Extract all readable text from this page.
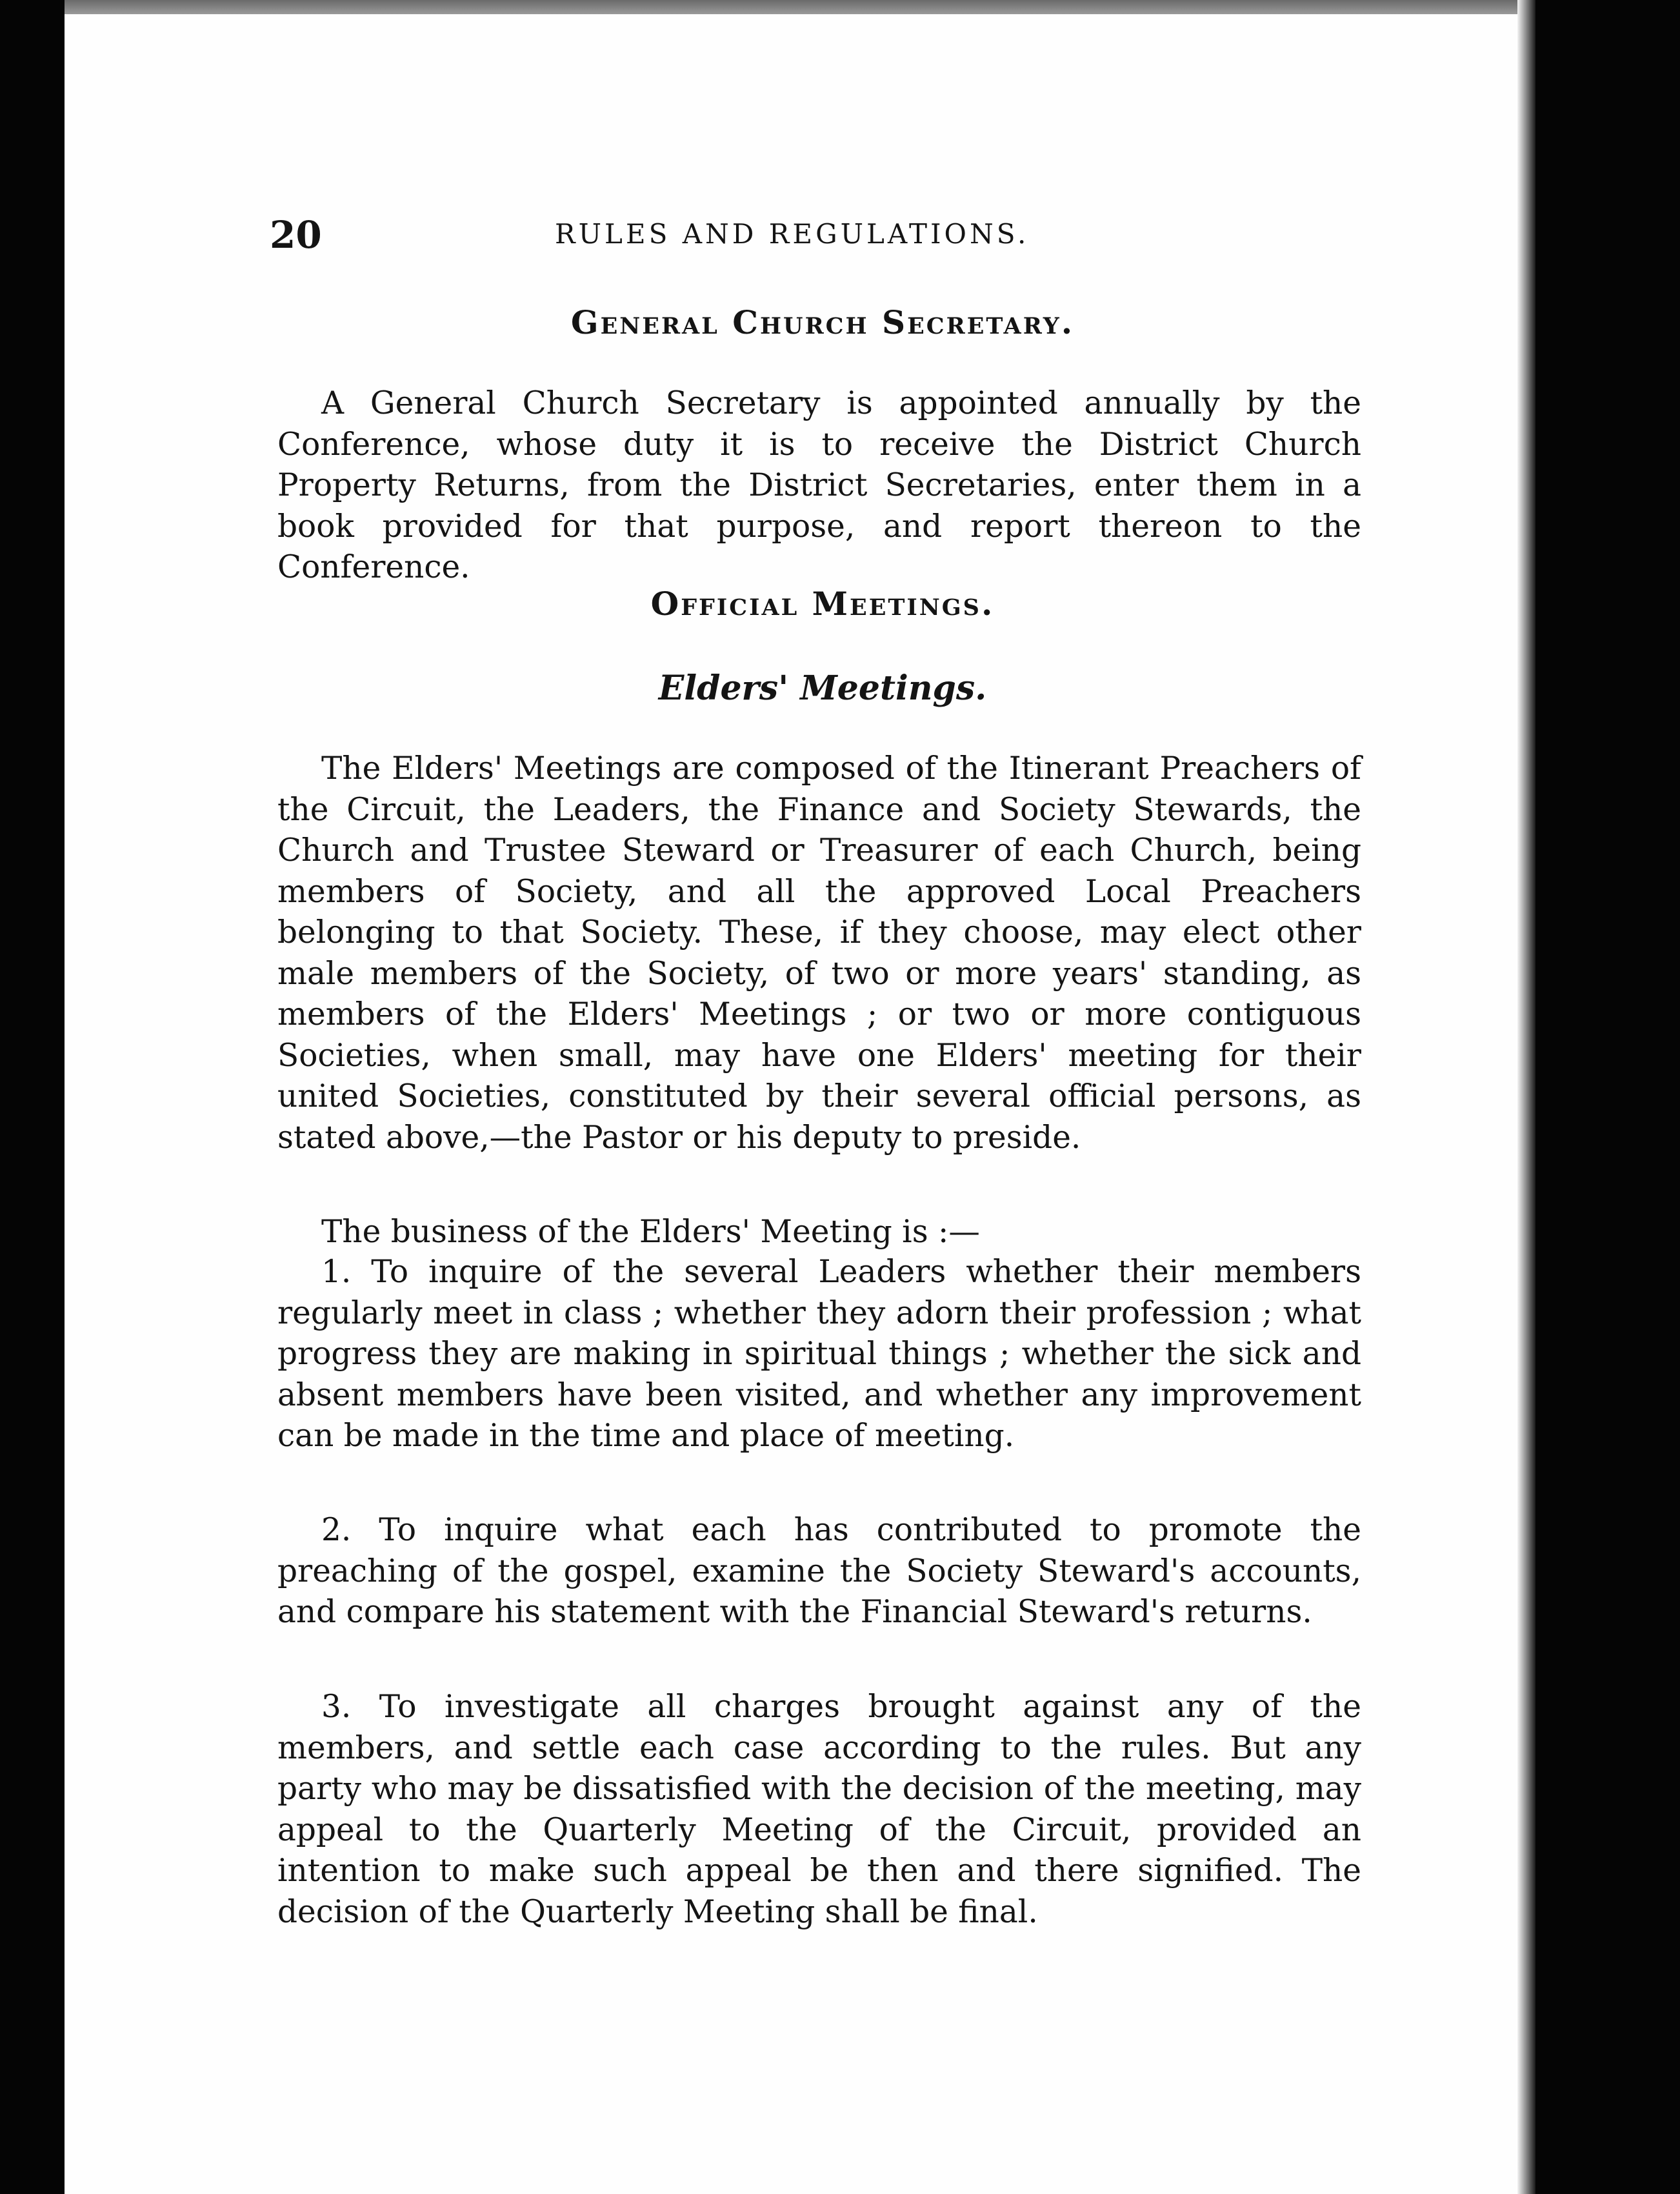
20	RULES AND REGULATIONS.
General Church Secretary.

A General Church Secretary is appointed annually by the Conference, whose duty it is to receive the District Church Property Returns, from the District Secretaries, enter them in a book provided for that purpose, and report thereon to the Conference.

Official Meetings.
Elders' Meetings.

The Elders' Meetings are composed of the Itinerant Preachers of the Circuit, the Leaders, the Finance and Society Stewards, the Church and Trustee Steward or Treasurer of each Church, being members of Society, and all the approved Local Preachers belonging to that Society. These, if they choose, may elect other male members of the Society, of two or more years' standing, as members of the Elders' Meetings ; or two or more contiguous Societies, when small, may have one Elders' meeting for their united Societies, constituted by their several official persons, as stated above,—the Pastor or his deputy to preside.

The business of the Elders' Meeting is :—

1. To inquire of the several Leaders whether their members regularly meet in class ; whether they adorn their profession ; what progress they are making in spiritual things ; whether the sick and absent members have been visited, and whether any improvement can be made in the time and place of meeting.

2. To inquire what each has contributed to promote the preaching of the gospel, examine the Society Steward's accounts, and compare his statement with the Financial Steward's returns.

3. To investigate all charges brought against any of the members, and settle each case according to the rules. But any party who may be dissatisfied with the decision of the meeting, may appeal to the Quarterly Meeting of the Circuit, provided an intention to make such appeal be then and there signified. The decision of the Quarterly Meeting shall be final.
